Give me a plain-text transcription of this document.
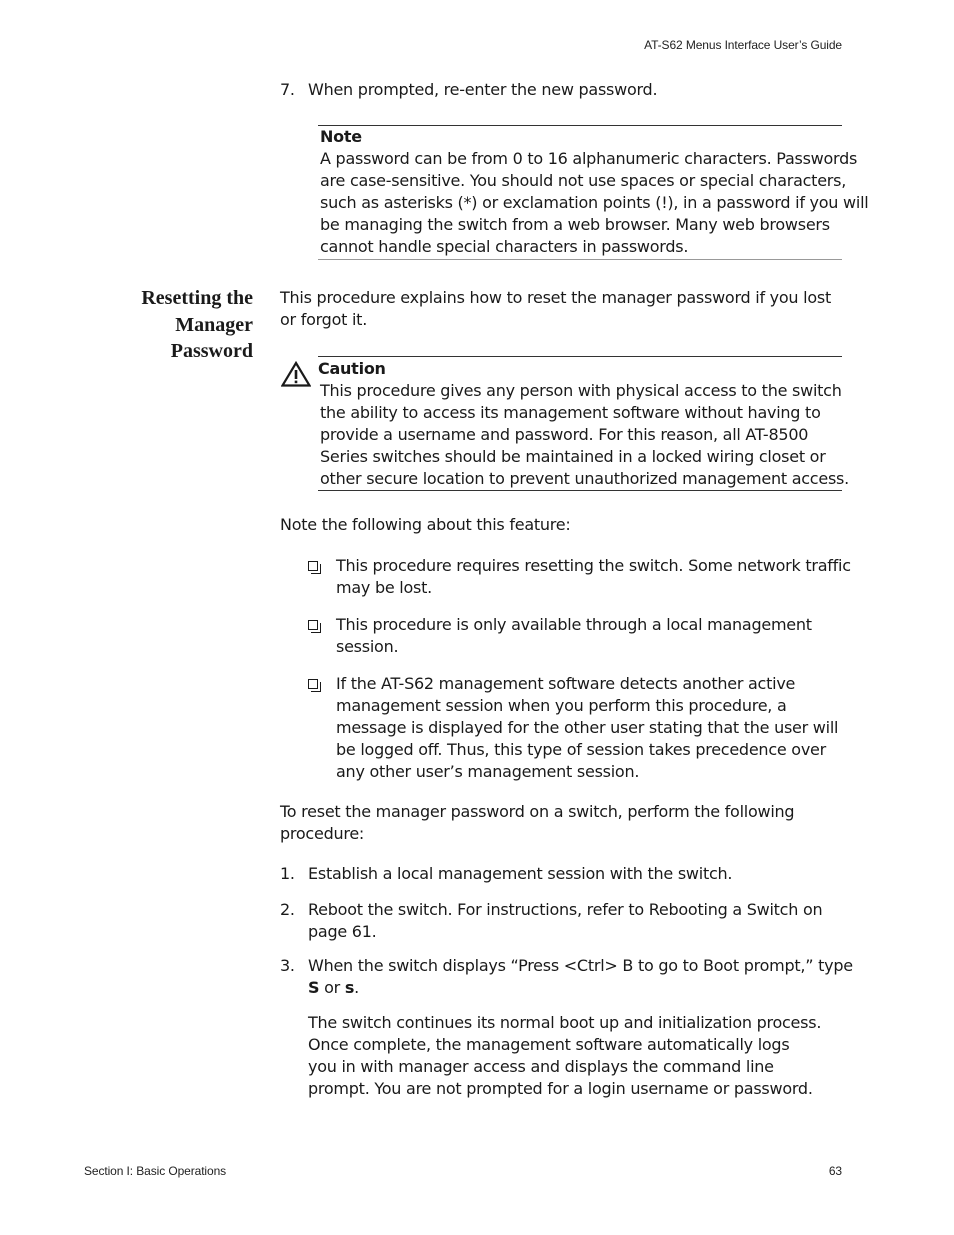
AT-S62 Menus Interface User’s Guide
7. When prompted, re-enter the new password.
Note
A password can be from 0 to 16 alphanumeric characters. Passwords
are case-sensitive. You should not use spaces or special characters,
such as asterisks (*) or exclamation points (!), in a password if you will
be managing the switch from a web browser. Many web browsers
cannot handle special characters in passwords.
Resetting the
Manager
Password
This procedure explains how to reset the manager password if you lost
or forgot it.
Caution
This procedure gives any person with physical access to the switch
the ability to access its management software without having to
provide a username and password. For this reason, all AT-8500
Series switches should be maintained in a locked wiring closet or
other secure location to prevent unauthorized management access.
Note the following about this feature:
This procedure requires resetting the switch. Some network traffic
may be lost.
This procedure is only available through a local management
session.
If the AT-S62 management software detects another active
management session when you perform this procedure, a
message is displayed for the other user stating that the user will
be logged off. Thus, this type of session takes precedence over
any other user’s management session.
To reset the manager password on a switch, perform the following
procedure:
1. Establish a local management session with the switch.
2. Reboot the switch. For instructions, refer to Rebooting a Switch on
page 61.
3. When the switch displays “Press <Ctrl> B to go to Boot prompt,” type
S or s.
The switch continues its normal boot up and initialization process.
Once complete, the management software automatically logs
you in with manager access and displays the command line
prompt. You are not prompted for a login username or password.
Section I: Basic Operations	63
